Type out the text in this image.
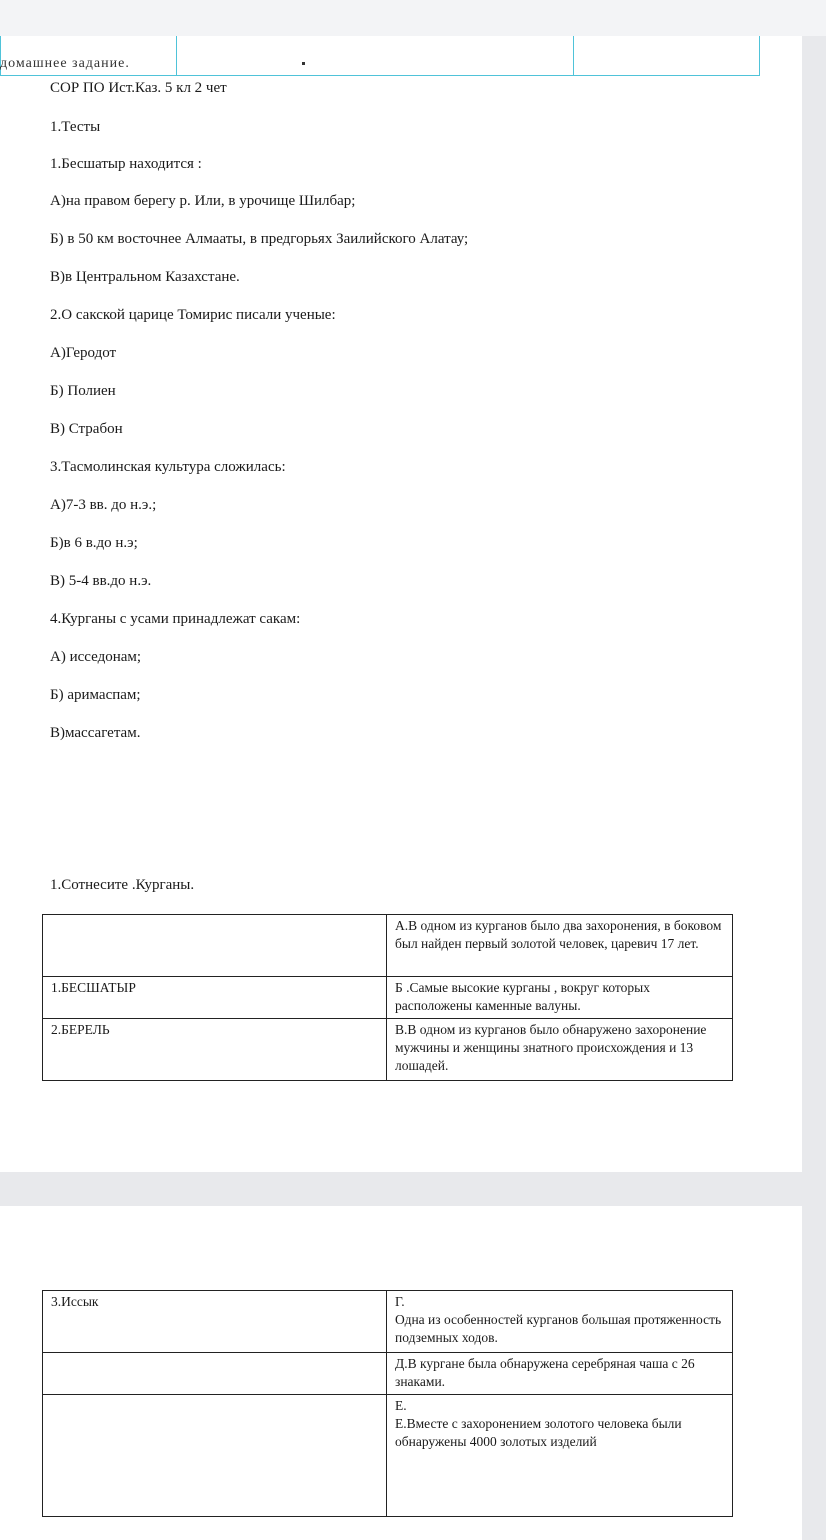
домашнее задание.
СОР ПО Ист.Каз. 5 кл 2 чет
1.Тесты
1.Бесшатыр находится :
А)на правом берегу р. Или, в урочище Шилбар;
Б) в 50 км восточнее Алмааты, в предгорьях Заилийского Алатау;
В)в Центральном Казахстане.
2.О сакской царице Томирис писали ученые:
А)Геродот
Б) Полиен
В) Страбон
3.Тасмолинская культура сложилась:
А)7-3 вв. до н.э.;
Б)в 6 в.до н.э;
В) 5-4 вв.до н.э.
4.Курганы с усами принадлежат сакам:
А) исседонам;
Б) аримаспам;
В)массагетам.
1.Сотнесите .Курганы.
	А.В одном из курганов было два захоронения, в боковом был найден первый золотой человек, царевич 17 лет.
1.БЕСШАТЫР	Б .Самые высокие курганы , вокруг которых расположены каменные валуны.
2.БЕРЕЛЬ	В.В одном из курганов было обнаружено захоронение мужчины и женщины знатного происхождения и 13 лошадей.
3.Иссык	Г.
Одна из особенностей курганов большая протяженность подземных ходов.

	Д.В кургане была обнаружена серебряная чаша с 26 знаками.

	Е.
Е.Вместе с захоронением золотого человека были обнаружены 4000 золотых изделий
